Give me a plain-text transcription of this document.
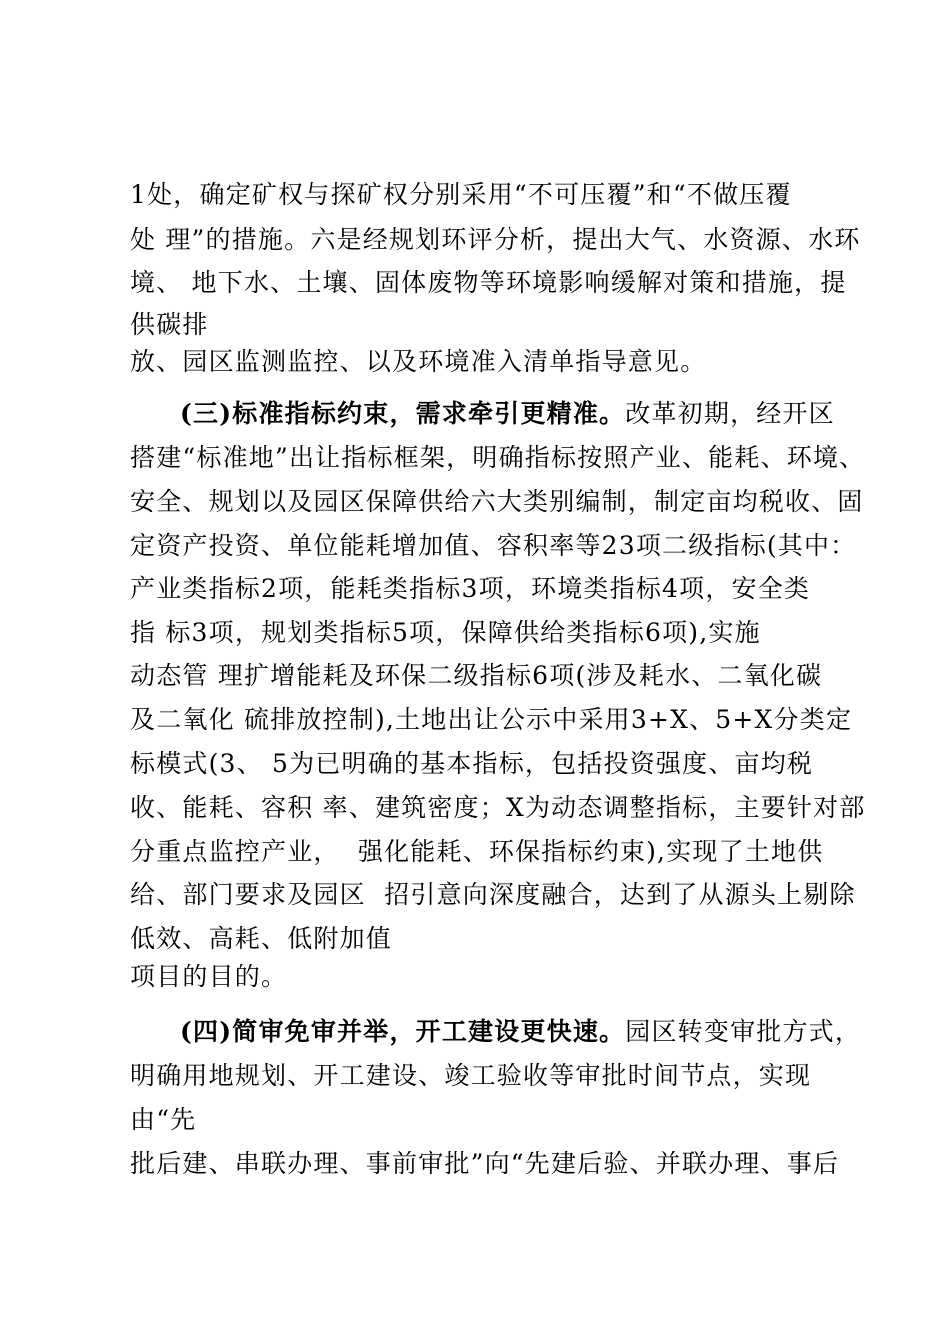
1处，确定矿权与探矿权分别采用“不可压覆”和“不做压覆
处 理”的措施。六是经规划环评分析，提出大气、水资源、水环
境、 地下水、土壤、固体废物等环境影响缓解对策和措施，提
供碳排
放、园区监测监控、以及环境准入清单指导意见。
(三)标准指标约束，需求牵引更精准。改革初期，经开区
搭建“标准地”出让指标框架，明确指标按照产业、能耗、环境、
安全、规划以及园区保障供给六大类别编制，制定亩均税收、固
定资产投资、单位能耗增加值、容积率等23项二级指标(其中：
产业类指标2项，能耗类指标3项，环境类指标4项，安全类
指 标3项，规划类指标5项，保障供给类指标6项),实施
动态管 理扩增能耗及环保二级指标6项(涉及耗水、二氧化碳
及二氧化 硫排放控制),土地出让公示中采用3+X、5+X分类定
标模式(3、 5为已明确的基本指标，包括投资强度、亩均税
收、能耗、容积 率、建筑密度；X为动态调整指标，主要针对部
分重点监控产业，  强化能耗、环保指标约束),实现了土地供
给、部门要求及园区  招引意向深度融合，达到了从源头上剔除
低效、高耗、低附加值
项目的目的。
(四)简审免审并举，开工建设更快速。园区转变审批方式，
明确用地规划、开工建设、竣工验收等审批时间节点，实现
由“先
批后建、串联办理、事前审批”向“先建后验、并联办理、事后
